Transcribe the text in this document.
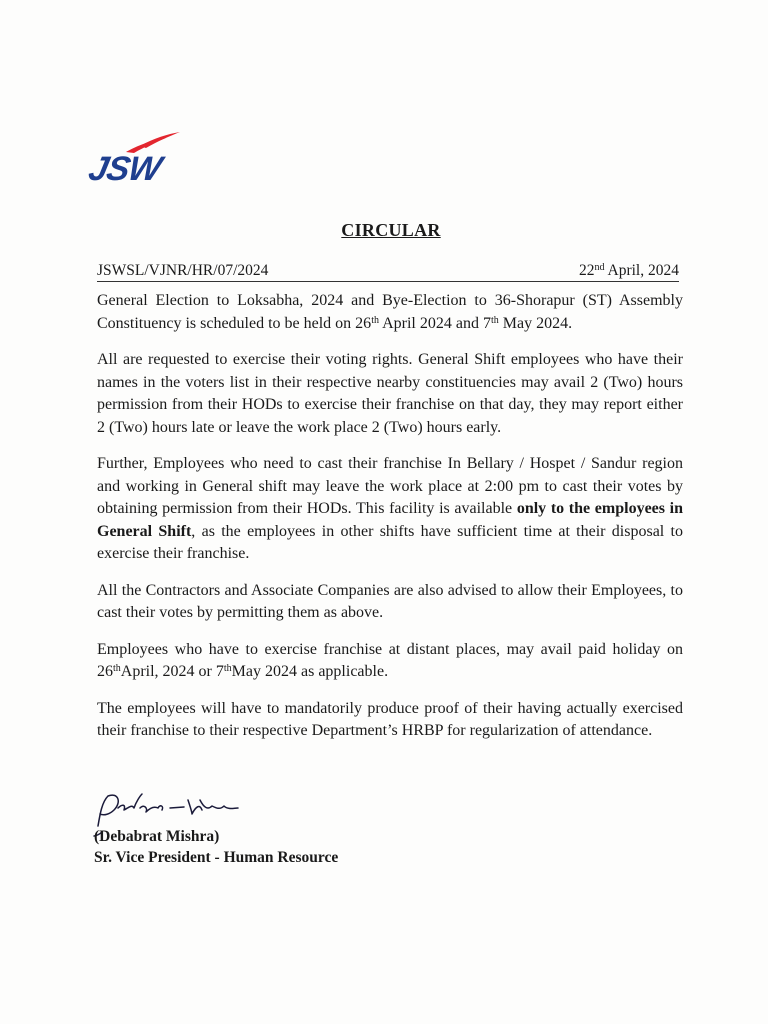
JSW
CIRCULAR
JSWSL/VJNR/HR/07/2024	22nd April, 2024

General Election to Loksabha, 2024 and Bye-Election to 36-Shorapur (ST) Assembly Constituency is scheduled to be held on 26th April 2024 and 7th May 2024.

All are requested to exercise their voting rights. General Shift employees who have their names in the voters list in their respective nearby constituencies may avail 2 (Two) hours permission from their HODs to exercise their franchise on that day, they may report either 2 (Two) hours late or leave the work place 2 (Two) hours early.

Further, Employees who need to cast their franchise In Bellary / Hospet / Sandur region and working in General shift may leave the work place at 2:00 pm to cast their votes by obtaining permission from their HODs. This facility is available only to the employees in General Shift, as the employees in other shifts have sufficient time at their disposal to exercise their franchise.

All the Contractors and Associate Companies are also advised to allow their Employees, to cast their votes by permitting them as above.

Employees who have to exercise franchise at distant places, may avail paid holiday on 26thApril, 2024 or 7thMay 2024 as applicable.

The employees will have to mandatorily produce proof of their having actually exercised their franchise to their respective Department’s HRBP for regularization of attendance.

(Debabrat Mishra)
Sr. Vice President - Human Resource
